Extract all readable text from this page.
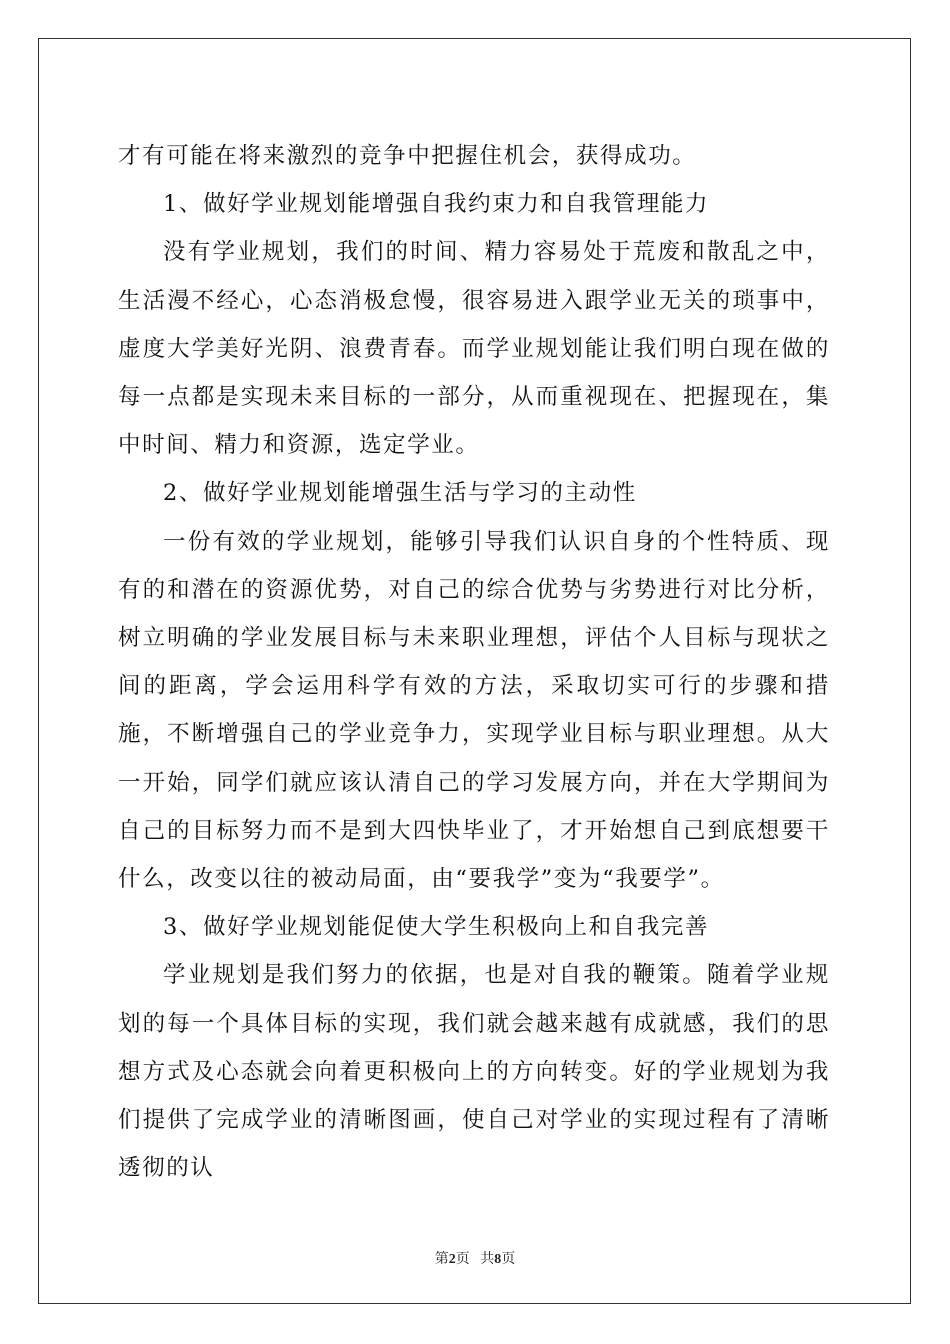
才有可能在将来激烈的竞争中把握住机会，获得成功。

1、做好学业规划能增强自我约束力和自我管理能力

没有学业规划，我们的时间、精力容易处于荒废和散乱之中，生活漫不经心，心态消极怠慢，很容易进入跟学业无关的琐事中，虚度大学美好光阴、浪费青春。而学业规划能让我们明白现在做的每一点都是实现未来目标的一部分，从而重视现在、把握现在，集中时间、精力和资源，选定学业。

2、做好学业规划能增强生活与学习的主动性

一份有效的学业规划，能够引导我们认识自身的个性特质、现有的和潜在的资源优势，对自己的综合优势与劣势进行对比分析，树立明确的学业发展目标与未来职业理想，评估个人目标与现状之间的距离，学会运用科学有效的方法，采取切实可行的步骤和措施，不断增强自己的学业竞争力，实现学业目标与职业理想。从大一开始，同学们就应该认清自己的学习发展方向，并在大学期间为自己的目标努力而不是到大四快毕业了，才开始想自己到底想要干什么，改变以往的被动局面，由“要我学”变为“我要学”。

3、做好学业规划能促使大学生积极向上和自我完善

学业规划是我们努力的依据，也是对自我的鞭策。随着学业规划的每一个具体目标的实现，我们就会越来越有成就感，我们的思想方式及心态就会向着更积极向上的方向转变。好的学业规划为我们提供了完成学业的清晰图画，使自己对学业的实现过程有了清晰透彻的认

第2页 共8页
